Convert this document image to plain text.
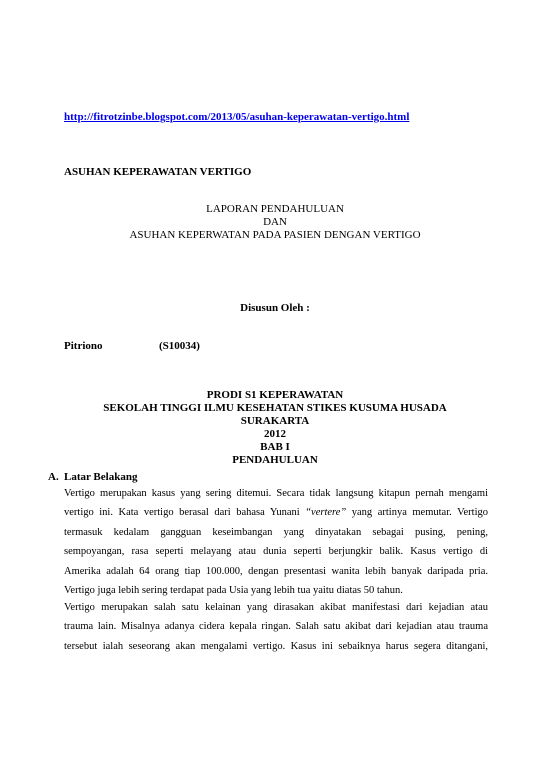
http://fitrotzinbe.blogspot.com/2013/05/asuhan-keperawatan-vertigo.html
ASUHAN KEPERAWATAN VERTIGO
LAPORAN PENDAHULUAN
DAN
ASUHAN KEPERWATAN PADA PASIEN DENGAN VERTIGO
Disusun Oleh :
Pitriono	(S10034)
PRODI S1 KEPERAWATAN
SEKOLAH TINGGI ILMU KESEHATAN STIKES KUSUMA HUSADA
SURAKARTA
2012
BAB I
PENDAHULUAN
A. Latar Belakang
Vertigo merupakan kasus yang sering ditemui. Secara tidak langsung kitapun pernah mengami
vertigo ini. Kata vertigo berasal dari bahasa Yunani “vertere” yang artinya memutar. Vertigo
termasuk kedalam gangguan keseimbangan yang dinyatakan sebagai pusing, pening,
sempoyangan, rasa seperti melayang atau dunia seperti berjungkir balik. Kasus vertigo di
Amerika adalah 64 orang tiap 100.000, dengan presentasi wanita lebih banyak daripada pria.
Vertigo juga lebih sering terdapat pada Usia yang lebih tua yaitu diatas 50 tahun.
Vertigo merupakan salah satu kelainan yang dirasakan akibat manifestasi dari kejadian atau
trauma lain. Misalnya adanya cidera kepala ringan. Salah satu akibat dari kejadian atau trauma
tersebut ialah seseorang akan mengalami vertigo. Kasus ini sebaiknya harus segera ditangani,
